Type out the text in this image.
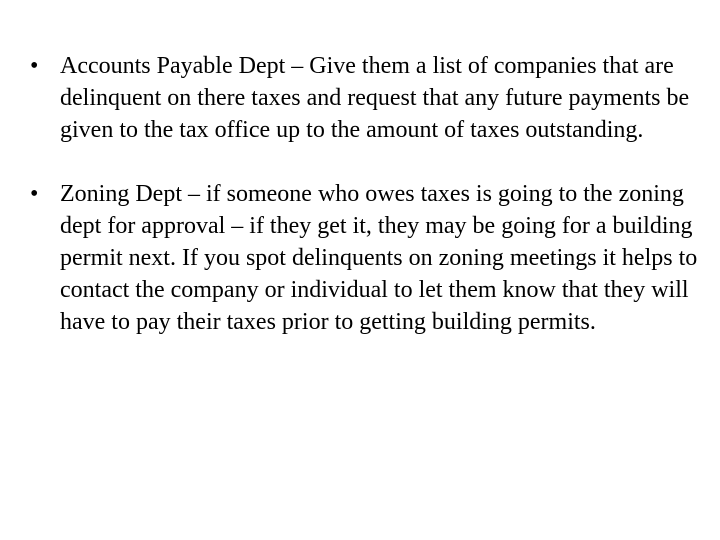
• Accounts Payable Dept – Give them a list of companies that are delinquent on there taxes and request that any future payments be given to the tax office up to the amount of taxes outstanding.
• Zoning Dept – if someone who owes taxes is going to the zoning dept for approval – if they get it, they may be going for a building permit next. If you spot delinquents on zoning meetings it helps to contact the company or individual to let them know that they will have to pay their taxes prior to getting building permits.
